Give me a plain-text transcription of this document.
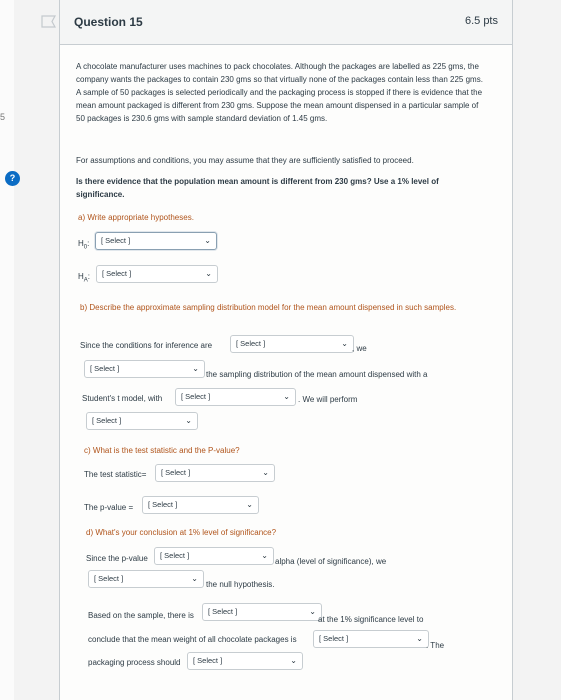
5
?
Question 15	6.5 pts
A chocolate manufacturer uses machines to pack chocolates. Although the packages are labelled as 225 gms, the company wants the packages to contain 230 gms so that virtually none of the packages contain less than 225 gms. A sample of 50 packages is selected periodically and the packaging process is stopped if there is evidence that the mean amount packaged is different from 230 gms. Suppose the mean amount dispensed in a particular sample of 50 packages is 230.6 gms with sample standard deviation of 1.45 gms.
For assumptions and conditions, you may assume that they are sufficiently satisfied to proceed.
Is there evidence that the population mean amount is different from 230 gms? Use a 1% level of significance.
a) Write appropriate hypotheses.
$H_0$:	[ Select ]	⌄
$H_A$:	[ Select ]	⌄
b) Describe the approximate sampling distribution model for the mean amount dispensed in such samples.
Since the conditions for inference are	[ Select ]	⌄
, we
[ Select ]	⌄
the sampling distribution of the mean amount dispensed with a
Student's t model, with	[ Select ]	⌄ . We will perform
[ Select ]	⌄
c) What is the test statistic and the P-value?
The test statistic=	[ Select ]	⌄
The p-value =	[ Select ]	⌄
d) What's your conclusion at 1% level of significance?
Since the p-value	[ Select ]	⌄
alpha (level of significance), we
[ Select ]	⌄
the null hypothesis.
Based on the sample, there is	[ Select ]	⌄
at the 1% significance level to
conclude that the mean weight of all chocolate packages is	[ Select ]	⌄
. The
packaging process should	[ Select ]	⌄
